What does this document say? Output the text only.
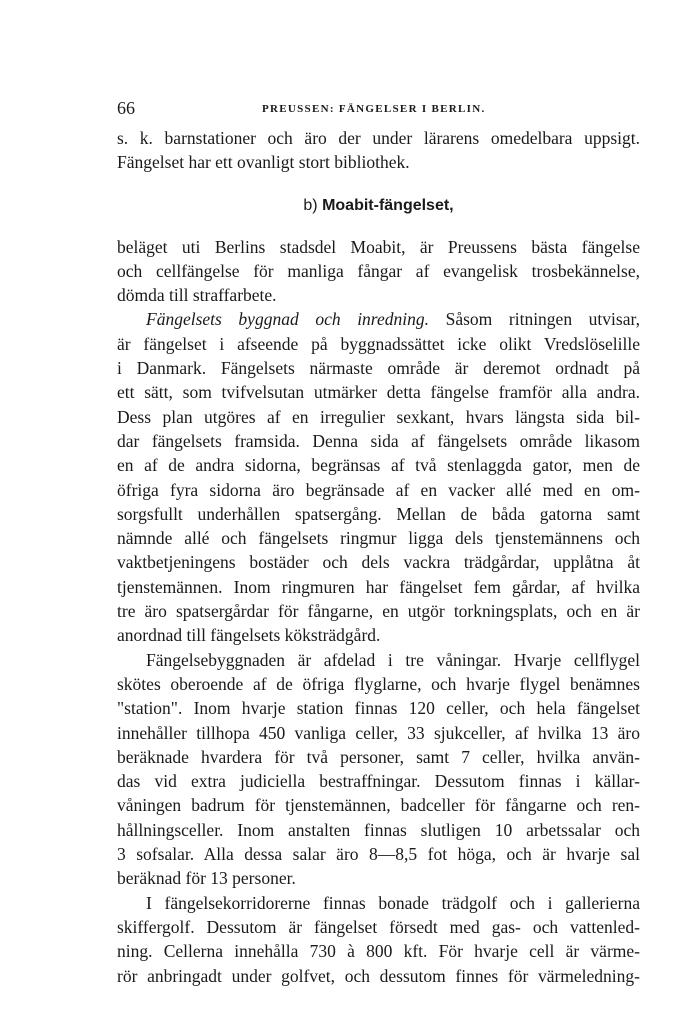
66	PREUSSEN: FÄNGELSER I BERLIN.
s. k. barnstationer och äro der under lärarens omedelbara uppsigt.
Fängelset har ett ovanligt stort bibliothek.
b) Moabit-fängelset,
beläget uti Berlins stadsdel Moabit, är Preussens bästa fängelse
och cellfängelse för manliga fångar af evangelisk trosbekännelse,
dömda till straffarbete.
Fängelsets byggnad och inredning. Såsom ritningen utvisar,
är fängelset i afseende på byggnadssättet icke olikt Vredslöselille
i Danmark. Fängelsets närmaste område är deremot ordnadt på
ett sätt, som tvifvelsutan utmärker detta fängelse framför alla andra.
Dess plan utgöres af en irregulier sexkant, hvars längsta sida bil-
dar fängelsets framsida. Denna sida af fängelsets område likasom
en af de andra sidorna, begränsas af två stenlaggda gator, men de
öfriga fyra sidorna äro begränsade af en vacker allé med en om-
sorgsfullt underhållen spatsergång. Mellan de båda gatorna samt
nämnde allé och fängelsets ringmur ligga dels tjenstemännens och
vaktbetjeningens bostäder och dels vackra trädgårdar, upplåtna åt
tjenstemännen. Inom ringmuren har fängelset fem gårdar, af hvilka
tre äro spatsergårdar för fångarne, en utgör torkningsplats, och en är
anordnad till fängelsets köksträdgård.
Fängelsebyggnaden är afdelad i tre våningar. Hvarje cellflygel
skötes oberoende af de öfriga flyglarne, och hvarje flygel benämnes
"station". Inom hvarje station finnas 120 celler, och hela fängelset
innehåller tillhopa 450 vanliga celler, 33 sjukceller, af hvilka 13 äro
beräknade hvardera för två personer, samt 7 celler, hvilka använ-
das vid extra judiciella bestraffningar. Dessutom finnas i källar-
våningen badrum för tjenstemännen, badceller för fångarne och ren-
hållningsceller. Inom anstalten finnas slutligen 10 arbetssalar och
3 sofsalar. Alla dessa salar äro 8—8,5 fot höga, och är hvarje sal
beräknad för 13 personer.
I fängelsekorridorerne finnas bonade trädgolf och i gallerierna
skiffergolf. Dessutom är fängelset försedt med gas- och vattenled-
ning. Cellerna innehålla 730 à 800 kft. För hvarje cell är värme-
rör anbringadt under golfvet, och dessutom finnes för värmeledning-
